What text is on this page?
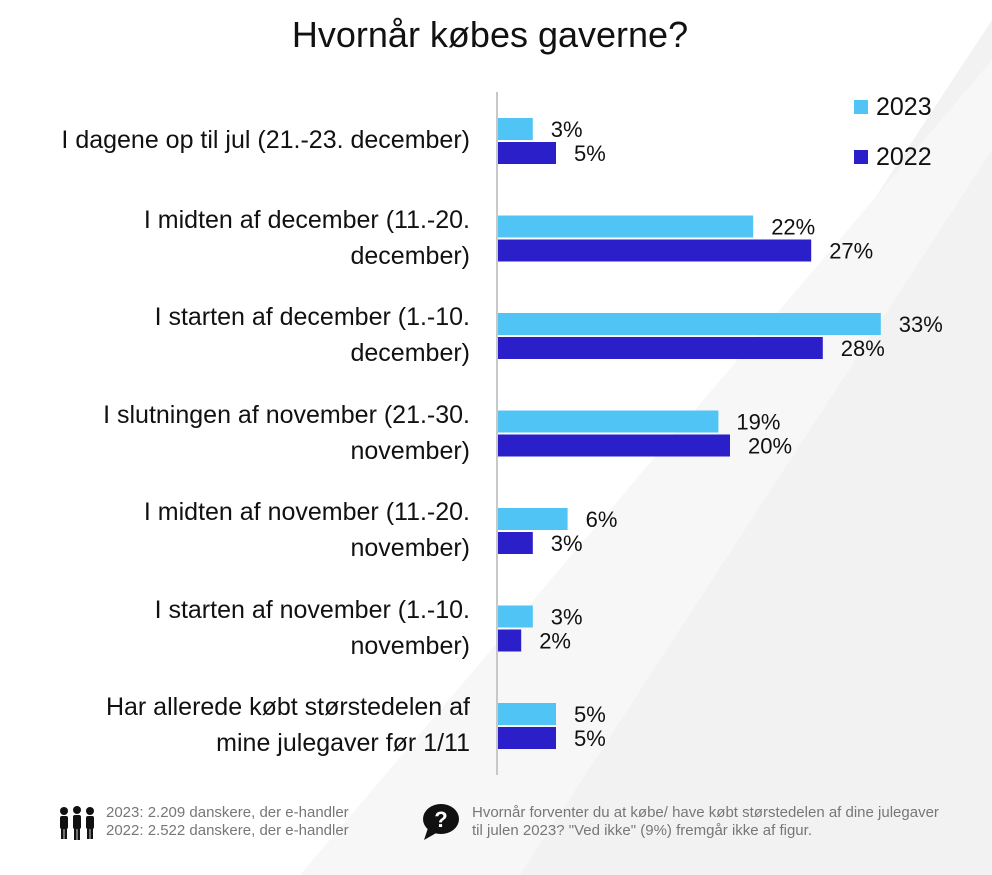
Hvornår købes gaverne?
I dagene op til jul (21.-23. december)
I midten af december (11.-20.
december)
I starten af december (1.-10.
december)
I slutningen af november (21.-30.
november)
I midten af november (11.-20.
november)
I starten af november (1.-10.
november)
Har allerede købt størstedelen af
mine julegaver før 1/11
3%
5%
22%
27%
33%
28%
19%
20%
6%
3%
3%
2%
5%
5%
2023
2022
2023: 2.209 danskere, der e-handler
2022: 2.522 danskere, der e-handler	? Hvornår forventer du at købe/ have købt størstedelen af dine julegaver til julen 2023? "Ved ikke" (9%) fremgår ikke af figur.
